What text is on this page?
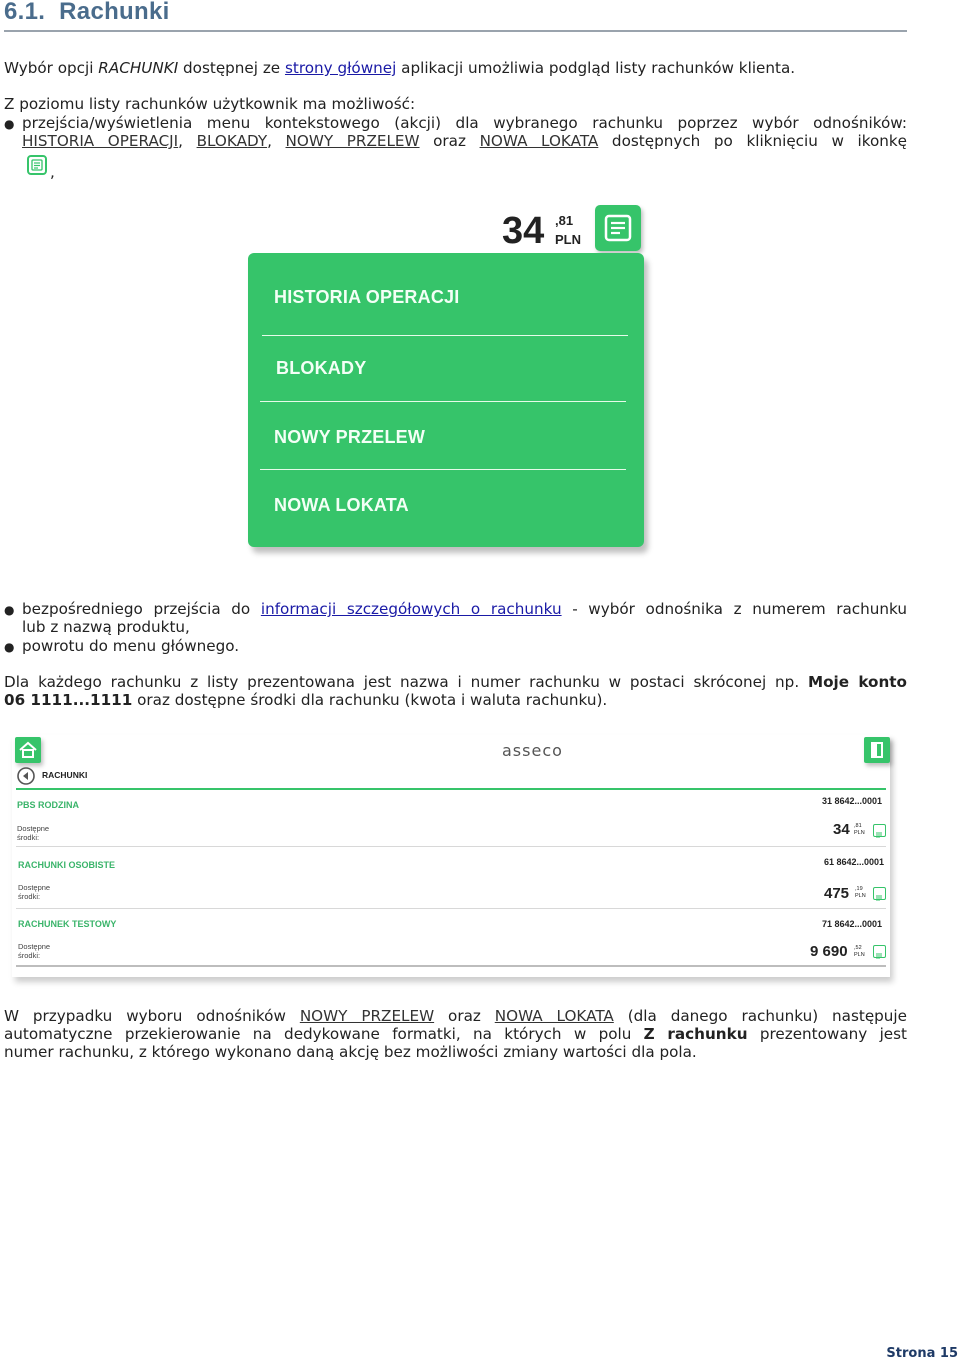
6.1. Rachunki
Wybór opcji RACHUNKI dostępnej ze strony głównej aplikacji umożliwia podgląd listy rachunków klienta.
Z poziomu listy rachunków użytkownik ma możliwość:
● przejścia/wyświetlenia menu kontekstowego (akcji) dla wybranego rachunku poprzez wybór odnośników:
HISTORIA OPERACJI, BLOKADY, NOWY PRZELEW oraz NOWA LOKATA dostępnych po kliknięciu w ikonkę
,
34 ,81
PLN
HISTORIA OPERACJI
BLOKADY
NOWY PRZELEW
NOWA LOKATA
● bezpośredniego przejścia do informacji szczegółowych o rachunku - wybór odnośnika z numerem rachunku
lub z nazwą produktu,
● powrotu do menu głównego.
Dla każdego rachunku z listy prezentowana jest nazwa i numer rachunku w postaci skróconej np. Moje konto
06 1111...1111 oraz dostępne środki dla rachunku (kwota i waluta rachunku).
asseco
RACHUNKI
PBS RODZINA	31 8642...0001
Dostępne
środki:	34 ,81
PLN
RACHUNKI OSOBISTE	61 8642...0001
Dostępne
środki:	475 ,19
PLN
RACHUNEK TESTOWY	71 8642...0001
Dostępne
środki:	9 690 ,52
PLN
W przypadku wyboru odnośników NOWY PRZELEW oraz NOWA LOKATA (dla danego rachunku) następuje
automatyczne przekierowanie na dedykowane formatki, na których w polu Z rachunku prezentowany jest
numer rachunku, z którego wykonano daną akcję bez możliwości zmiany wartości dla pola.
Strona 15
